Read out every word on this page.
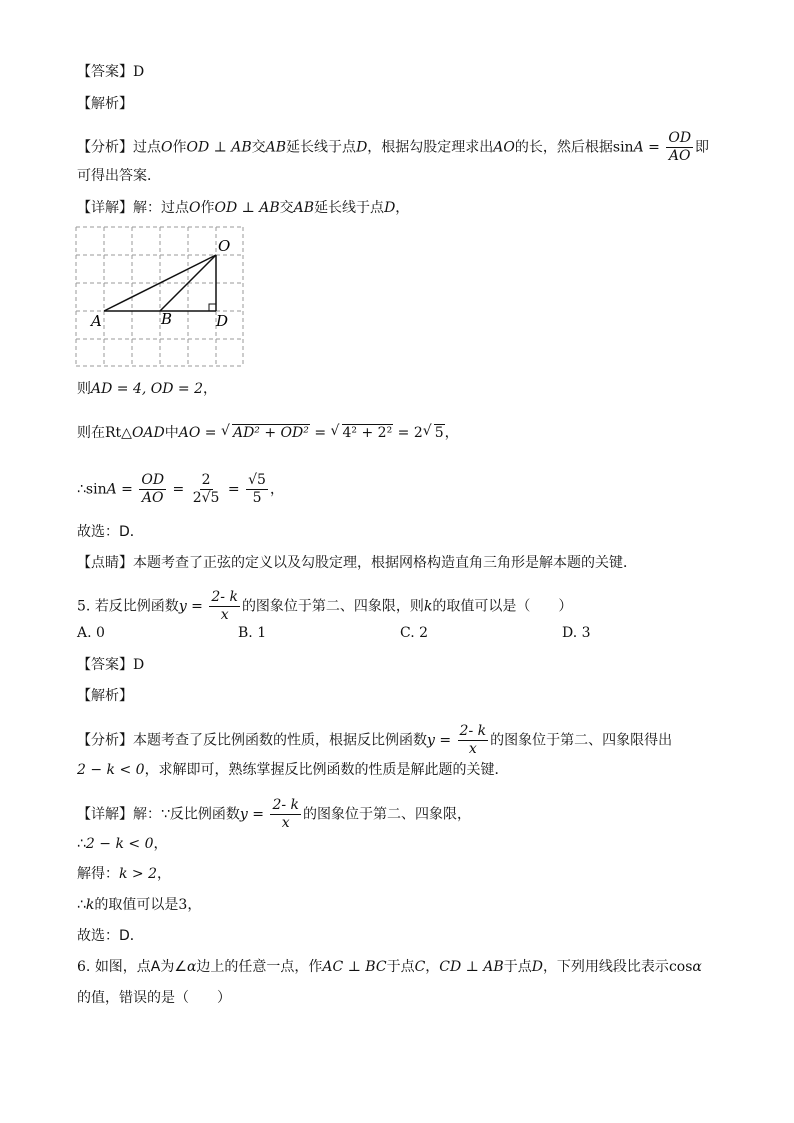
【答案】D
【解析】
【分析】过点O作OD ⊥ AB交AB延长线于点D，根据勾股定理求出AO的长，然后根据$\sin A = \frac{OD}{AO}$ 即
可得出答案．
【详解】解：过点O作OD ⊥ AB交AB延长线于点D，
O
A	B	D
则AD = 4, OD = 2，
则在Rt△OAD中AO = √ AD² + OD² = √ 4² + 2² = 2√ 5，
∴sinA = $\frac{OD}{AO} = \frac{2}{2√5} = \frac{√5}{5}$ ，
故选：D．
【点睛】本题考查了正弦的定义以及勾股定理，根据网格构造直角三角形是解本题的关键．
5. 若反比例函数$y = \frac{2- k}{x}$ 的图象位于第二、四象限，则k的取值可以是（　　）
A. 0	B. 1	C. 2	D. 3
【答案】D
【解析】
【分析】本题考查了反比例函数的性质，根据反比例函数$y = \frac{2- k}{x}$ 的图象位于第二、四象限得出
2 − k < 0，求解即可，熟练掌握反比例函数的性质是解此题的关键．
【详解】解：∵反比例函数$y = \frac{2- k}{x}$ 的图象位于第二、四象限，
∴2 − k < 0，
解得：k > 2，
∴k的取值可以是3，
故选：D．
6. 如图，点A为∠α边上的任意一点，作AC ⊥ BC于点C，CD ⊥ AB于点D，下列用线段比表示cosα
的值，错误的是（　　）
